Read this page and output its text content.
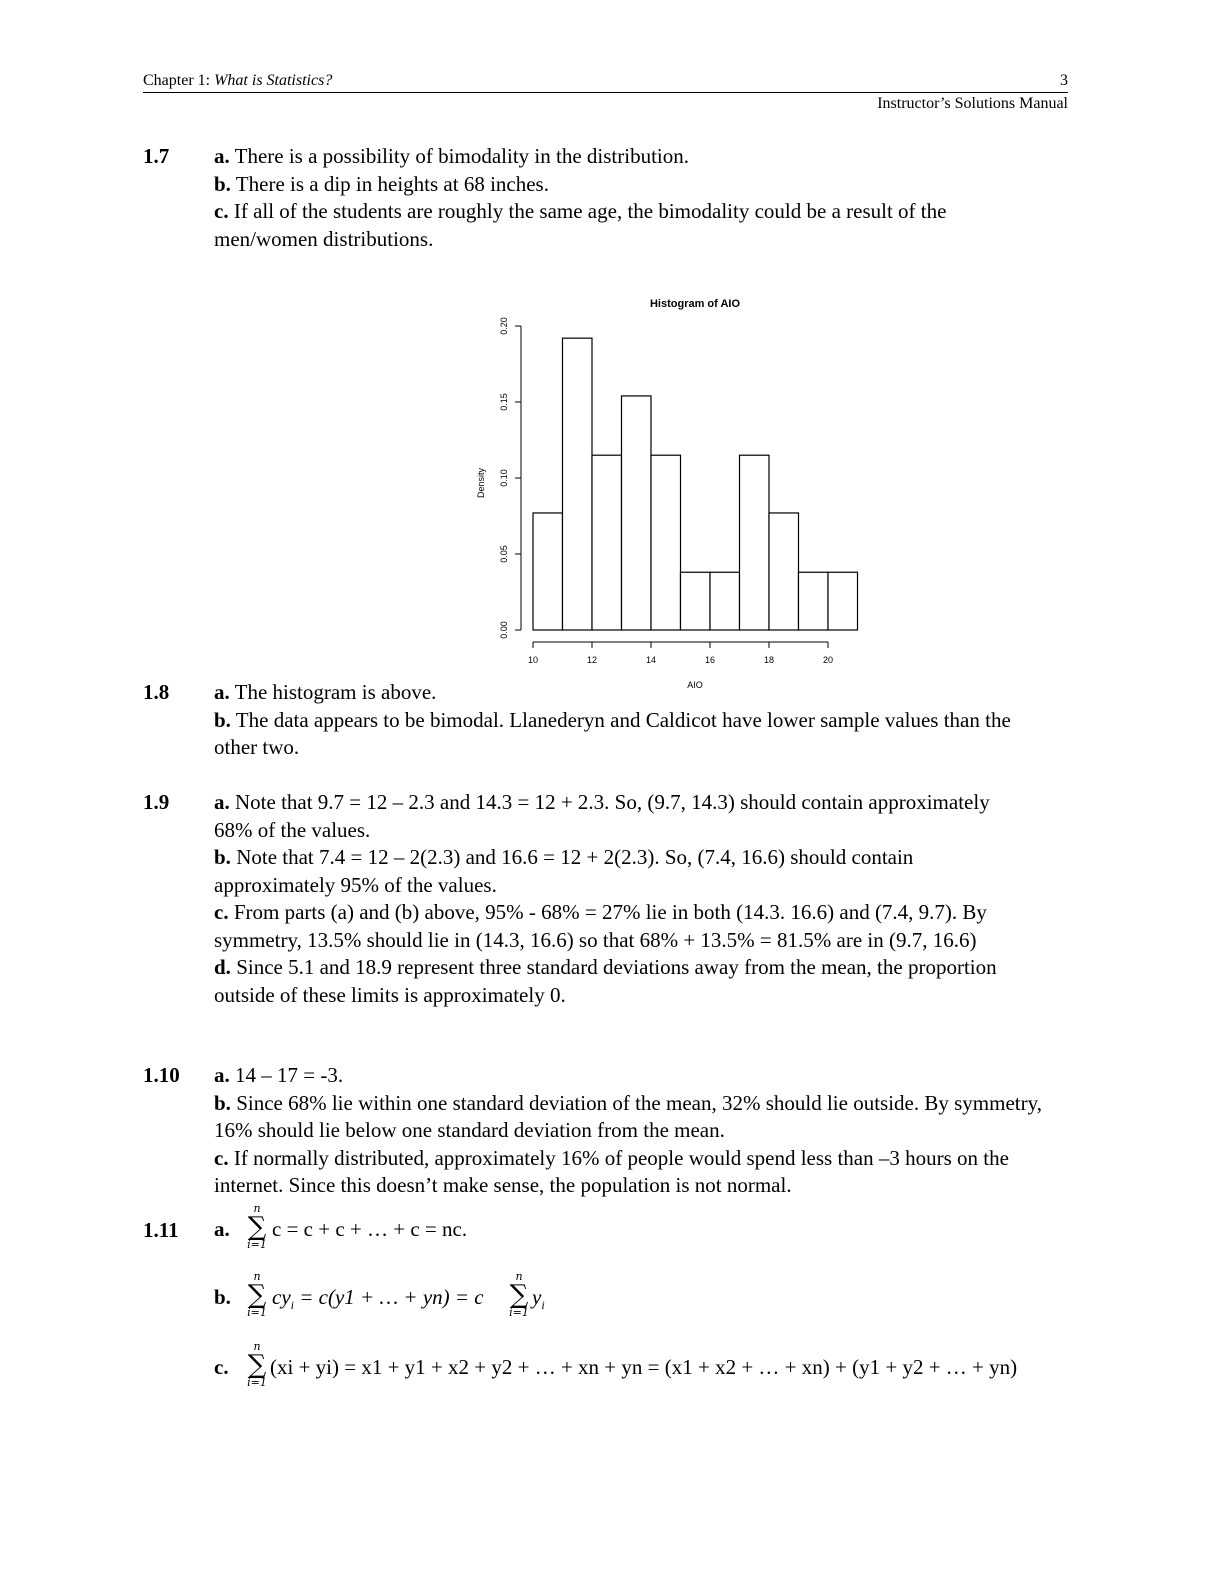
Chapter 1: What is Statistics?	3
Instructor’s Solutions Manual
1.7 a. There is a possibility of bimodality in the distribution.
b. There is a dip in heights at 68 inches.
c. If all of the students are roughly the same age, the bimodality could be a result of the men/women distributions.
Histogram of AIO
Density
AIO
10	12	14	16	18	20
0.00
0.05
0.10
0.15
0.20
1.8 a. The histogram is above.
b. The data appears to be bimodal. Llanederyn and Caldicot have lower sample values than the other two.
1.9 a. Note that 9.7 = 12 – 2.3 and 14.3 = 12 + 2.3. So, (9.7, 14.3) should contain approximately 68% of the values.
b. Note that 7.4 = 12 – 2(2.3) and 16.6 = 12 + 2(2.3). So, (7.4, 16.6) should contain approximately 95% of the values.
c. From parts (a) and (b) above, 95% - 68% = 27% lie in both (14.3. 16.6) and (7.4, 9.7). By symmetry, 13.5% should lie in (14.3, 16.6) so that 68% + 13.5% = 81.5% are in (9.7, 16.6)
d. Since 5.1 and 18.9 represent three standard deviations away from the mean, the proportion outside of these limits is approximately 0.
1.10 a. 14 – 17 = -3.
b. Since 68% lie within one standard deviation of the mean, 32% should lie outside. By symmetry, 16% should lie below one standard deviation from the mean.
c. If normally distributed, approximately 16% of people would spend less than –3 hours on the internet. Since this doesn’t make sense, the population is not normal.
1.11 a.
n
∑
i=1
c = c + c + … + c = nc.
b.
n
∑
i=1
$cy_i = c(y1$ + … + yn) = c
n
∑
i=1
$y_i$
c.
n
∑
i=1
(xi + yi) = x1 + y1 + x2 + y2 + … + xn + yn = (x1 + x2 + … + xn) + (y1 + y2 + … + yn)
